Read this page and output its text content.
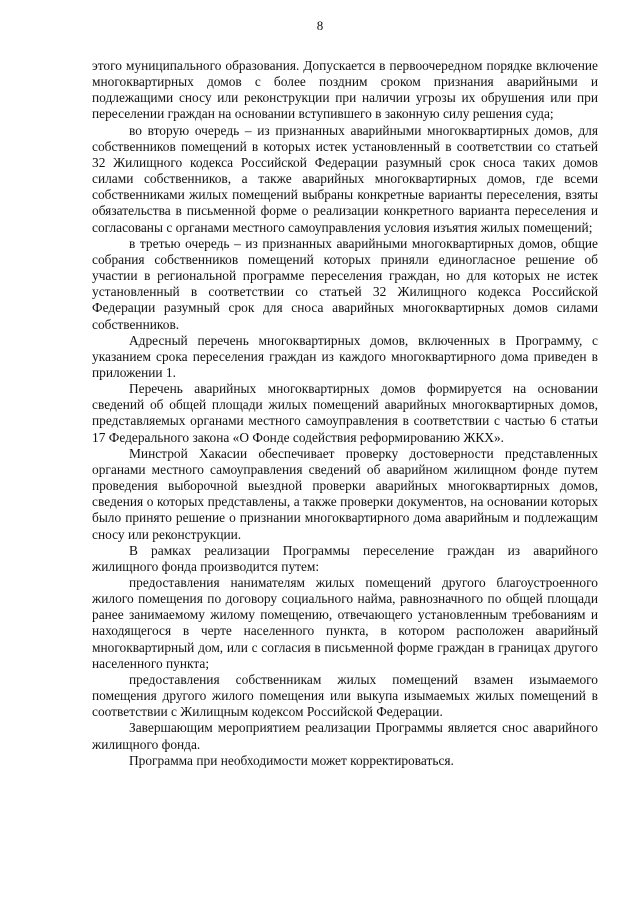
8

этого муниципального образования. Допускается в первоочередном порядке включение многоквартирных домов с более поздним сроком признания аварийными и подлежащими сносу или реконструкции при наличии угрозы их обрушения или при переселении граждан на основании вступившего в законную силу решения суда;

во вторую очередь – из признанных аварийными многоквартирных домов, для собственников помещений в которых истек установленный в соответствии со статьей 32 Жилищного кодекса Российской Федерации разумный срок сноса таких домов силами собственников, а также аварийных многоквартирных домов, где всеми собственниками жилых помещений выбраны конкретные варианты переселения, взяты обязательства в письменной форме о реализации конкретного варианта переселения и согласованы с органами местного самоуправления условия изъятия жилых помещений;

в третью очередь – из признанных аварийными многоквартирных домов, общие собрания собственников помещений которых приняли единогласное решение об участии в региональной программе переселения граждан, но для которых не истек установленный в соответствии со статьей 32 Жилищного кодекса Российской Федерации разумный срок для сноса аварийных многоквартирных домов силами собственников.

Адресный перечень многоквартирных домов, включенных в Программу, с указанием срока переселения граждан из каждого многоквартирного дома приведен в приложении 1.

Перечень аварийных многоквартирных домов формируется на основании сведений об общей площади жилых помещений аварийных многоквартирных домов, представляемых органами местного самоуправления в соответствии с частью 6 статьи 17 Федерального закона «О Фонде содействия реформированию ЖКХ».

Минстрой Хакасии обеспечивает проверку достоверности представленных органами местного самоуправления сведений об аварийном жилищном фонде путем проведения выборочной выездной проверки аварийных многоквартирных домов, сведения о которых представлены, а также проверки документов, на основании которых было принято решение о признании многоквартирного дома аварийным и подлежащим сносу или реконструкции.

В рамках реализации Программы переселение граждан из аварийного жилищного фонда производится путем:

предоставления нанимателям жилых помещений другого благоустроенного жилого помещения по договору социального найма, равнозначного по общей площади ранее занимаемому жилому помещению, отвечающего установленным требованиям и находящегося в черте населенного пункта, в котором расположен аварийный многоквартирный дом, или с согласия в письменной форме граждан в границах другого населенного пункта;

предоставления собственникам жилых помещений взамен изымаемого помещения другого жилого помещения или выкупа изымаемых жилых помещений в соответствии с Жилищным кодексом Российской Федерации.

Завершающим мероприятием реализации Программы является снос аварийного жилищного фонда.

Программа при необходимости может корректироваться.
